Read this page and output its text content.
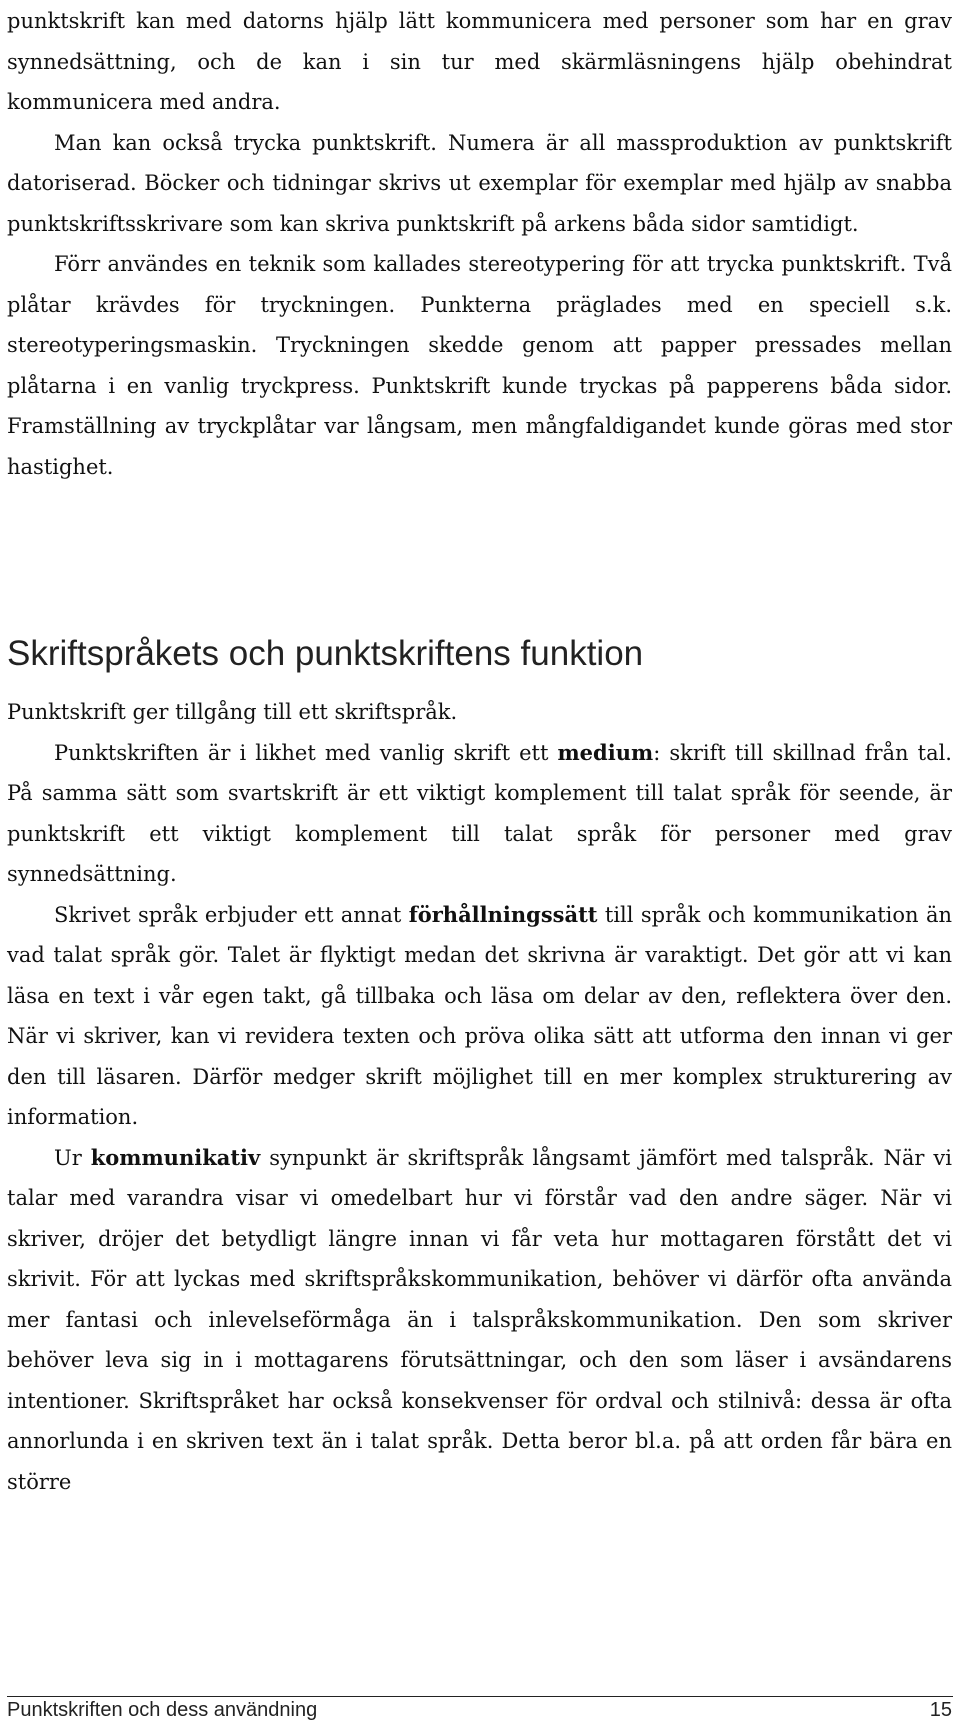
punktskrift kan med datorns hjälp lätt kommunicera med personer som har en grav synnedsättning, och de kan i sin tur med skärmläsningens hjälp obehindrat kommunicera med andra.

Man kan också trycka punktskrift. Numera är all massproduktion av punktskrift datoriserad. Böcker och tidningar skrivs ut exemplar för exemplar med hjälp av snabba punktskriftsskrivare som kan skriva punktskrift på arkens båda sidor samtidigt.

Förr användes en teknik som kallades stereotypering för att trycka punktskrift. Två plåtar krävdes för tryckningen. Punkterna präglades med en speciell s.k. stereotyperingsmaskin. Tryckningen skedde genom att papper pressades mellan plåtarna i en vanlig tryckpress. Punktskrift kunde tryckas på papperens båda sidor. Framställning av tryckplåtar var långsam, men mångfaldigandet kunde göras med stor hastighet.

Skriftspråkets och punktskriftens funktion

Punktskrift ger tillgång till ett skriftspråk.

Punktskriften är i likhet med vanlig skrift ett medium: skrift till skillnad från tal. På samma sätt som svartskrift är ett viktigt komplement till talat språk för seende, är punktskrift ett viktigt komplement till talat språk för personer med grav synnedsättning.

Skrivet språk erbjuder ett annat förhållningssätt till språk och kommunikation än vad talat språk gör. Talet är flyktigt medan det skrivna är varaktigt. Det gör att vi kan läsa en text i vår egen takt, gå tillbaka och läsa om delar av den, reflektera över den. När vi skriver, kan vi revidera texten och pröva olika sätt att utforma den innan vi ger den till läsaren. Därför medger skrift möjlighet till en mer komplex strukturering av information.

Ur kommunikativ synpunkt är skriftspråk långsamt jämfört med talspråk. När vi talar med varandra visar vi omedelbart hur vi förstår vad den andre säger. När vi skriver, dröjer det betydligt längre innan vi får veta hur mottagaren förstått det vi skrivit. För att lyckas med skriftspråkskommunikation, behöver vi därför ofta använda mer fantasi och inlevelseförmåga än i talspråkskommunikation. Den som skriver behöver leva sig in i mottagarens förutsättningar, och den som läser i avsändarens intentioner. Skriftspråket har också konsekvenser för ordval och stilnivå: dessa är ofta annorlunda i en skriven text än i talat språk. Detta beror bl.a. på att orden får bära en större

Punktskriften och dess användning	15
